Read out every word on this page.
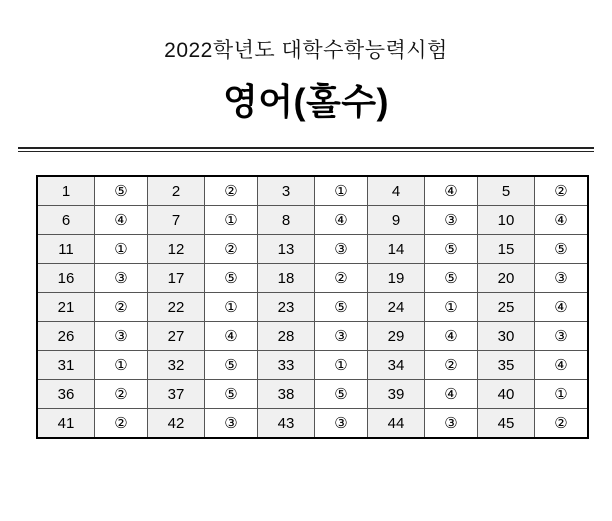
2022학년도 대학수학능력시험
영어(홀수)
1	⑤	2	②	3	①	4	④	5	②
6	④	7	①	8	④	9	③	10	④
11	①	12	②	13	③	14	⑤	15	⑤
16	③	17	⑤	18	②	19	⑤	20	③
21	②	22	①	23	⑤	24	①	25	④
26	③	27	④	28	③	29	④	30	③
31	①	32	⑤	33	①	34	②	35	④
36	②	37	⑤	38	⑤	39	④	40	①
41	②	42	③	43	③	44	③	45	②
